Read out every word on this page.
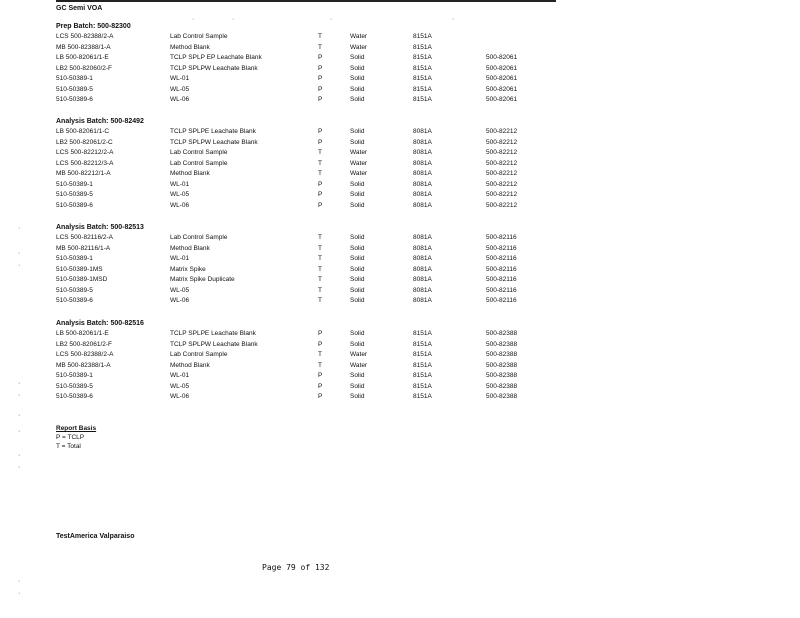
GC Semi VOA
·	·	·	·
Prep Batch: 500-82300
LCS 500-82388/2-A	Lab Control Sample	T	Water	8151A
MB 500-82388/1-A	Method Blank	T	Water	8151A
LB 500-82061/1-E	TCLP SPLP EP Leachate Blank	P	Solid	8151A	500-82061
LB2 500-82060/2-F	TCLP SPLPW Leachate Blank	P	Solid	8151A	500-82061
510-50389-1	WL-01	P	Solid	8151A	500-82061
510-50389-5	WL-05	P	Solid	8151A	500-82061
510-50389-6	WL-06	P	Solid	8151A	500-82061
Analysis Batch: 500-82492
LB 500-82061/1-C	TCLP SPLPE Leachate Blank	P	Solid	8081A	500-82212
LB2 500-82061/2-C	TCLP SPLPW Leachate Blank	P	Solid	8081A	500-82212
LCS 500-82212/2-A	Lab Control Sample	T	Water	8081A	500-82212
LCS 500-82212/3-A	Lab Control Sample	T	Water	8081A	500-82212
MB 500-82212/1-A	Method Blank	T	Water	8081A	500-82212
510-50389-1	WL-01	P	Solid	8081A	500-82212
510-50389-5	WL-05	P	Solid	8081A	500-82212
510-50389-6	WL-06	P	Solid	8081A	500-82212
Analysis Batch: 500-82513
LCS 500-82116/2-A	Lab Control Sample	T	Solid	8081A	500-82116
MB 500-82116/1-A	Method Blank	T	Solid	8081A	500-82116
510-50389-1	WL-01	T	Solid	8081A	500-82116
510-50389-1MS	Matrix Spike	T	Solid	8081A	500-82116
510-50389-1MSD	Matrix Spike Duplicate	T	Solid	8081A	500-82116
510-50389-5	WL-05	T	Solid	8081A	500-82116
510-50389-6	WL-06	T	Solid	8081A	500-82116
Analysis Batch: 500-82516
LB 500-82061/1-E	TCLP SPLPE Leachate Blank	P	Solid	8151A	500-82388
LB2 500-82061/2-F	TCLP SPLPW Leachate Blank	P	Solid	8151A	500-82388
LCS 500-82388/2-A	Lab Control Sample	T	Water	8151A	500-82388
MB 500-82388/1-A	Method Blank	T	Water	8151A	500-82388
510-50389-1	WL-01	P	Solid	8151A	500-82388
510-50389-5	WL-05	P	Solid	8151A	500-82388
510-50389-6	WL-06	P	Solid	8151A	500-82388
Report Basis
P = TCLP
T = Total
TestAmerica Valparaiso
Page 79 of 132
·
·
·
·
·
·
·
·
·
·
·
